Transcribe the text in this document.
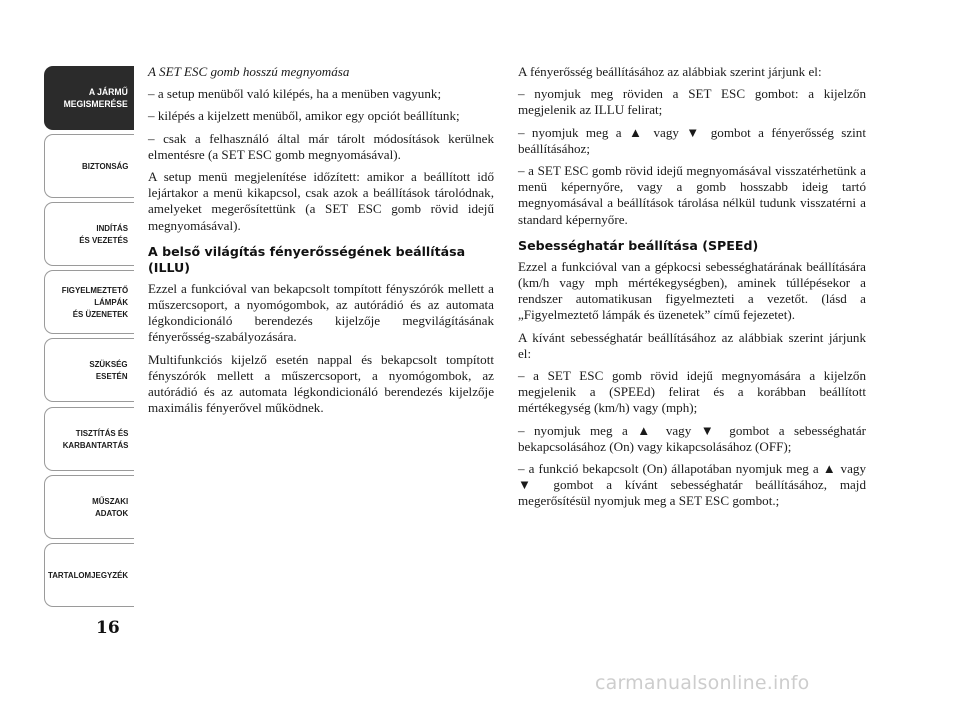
A JÁRMŰ
MEGISMERÉSE
BIZTONSÁG
INDÍTÁS
ÉS VEZETÉS
FIGYELMEZTETŐ
LÁMPÁK
ÉS ÜZENETEK
SZÜKSÉG
ESETÉN
TISZTÍTÁS ÉS
KARBANTARTÁS
MŰSZAKI
ADATOK
TARTALOMJEGYZÉK
16

A SET ESC gomb hosszú megnyomása

– a setup menüből való kilépés, ha a menüben vagyunk;

– kilépés a kijelzett menüből, amikor egy opciót beállítunk;

– csak a felhasználó által már tárolt módosítások kerülnek elmentésre (a SET ESC gomb megnyomásával).

A setup menü megjelenítése időzített: amikor a beállított idő lejártakor a menü kikapcsol, csak azok a beállítások tárolódnak, amelyeket megerősítettünk (a SET ESC gomb rövid idejű megnyomásával).

A belső világítás fényerősségének beállítása (ILLU)

Ezzel a funkcióval van bekapcsolt tompított fényszórók mellett a műszercsoport, a nyomógombok, az autórádió és az automata légkondicionáló berendezés kijelzője megvilágításának fényerősség-szabályozására.

Multifunkciós kijelző esetén nappal és bekapcsolt tompított fényszórók mellett a műszercsoport, a nyomógombok, az autórádió és az automata légkondicionáló berendezés kijelzője maximális fényerővel működnek.

A fényerősség beállításához az alábbiak szerint járjunk el:

– nyomjuk meg röviden a SET ESC gombot: a kijelzőn megjelenik az ILLU felirat;

– nyomjuk meg a ▲ vagy ▼ gombot a fényerősség szint beállításához;

– a SET ESC gomb rövid idejű megnyomásával visszatérhetünk a menü képernyőre, vagy a gomb hosszabb ideig tartó megnyomásával a beállítások tárolása nélkül tudunk visszatérni a standard képernyőre.

Sebességhatár beállítása (SPEEd)

Ezzel a funkcióval van a gépkocsi sebességhatárának beállítására (km/h vagy mph mértékegységben), aminek túllépésekor a rendszer automatikusan figyelmezteti a vezetőt. (lásd a „Figyelmeztető lámpák és üzenetek” című fejezetet).

A kívánt sebességhatár beállításához az alábbiak szerint járjunk el:

– a SET ESC gomb rövid idejű megnyomására a kijelzőn megjelenik a (SPEEd) felirat és a korábban beállított mértékegység (km/h) vagy (mph);

– nyomjuk meg a ▲ vagy ▼ gombot a sebességhatár bekapcsolásához (On) vagy kikapcsolásához (OFF);

– a funkció bekapcsolt (On) állapotában nyomjuk meg a ▲ vagy ▼ gombot a kívánt sebességhatár beállításához, majd megerősítésül nyomjuk meg a SET ESC gombot.;

carmanualsonline.info
